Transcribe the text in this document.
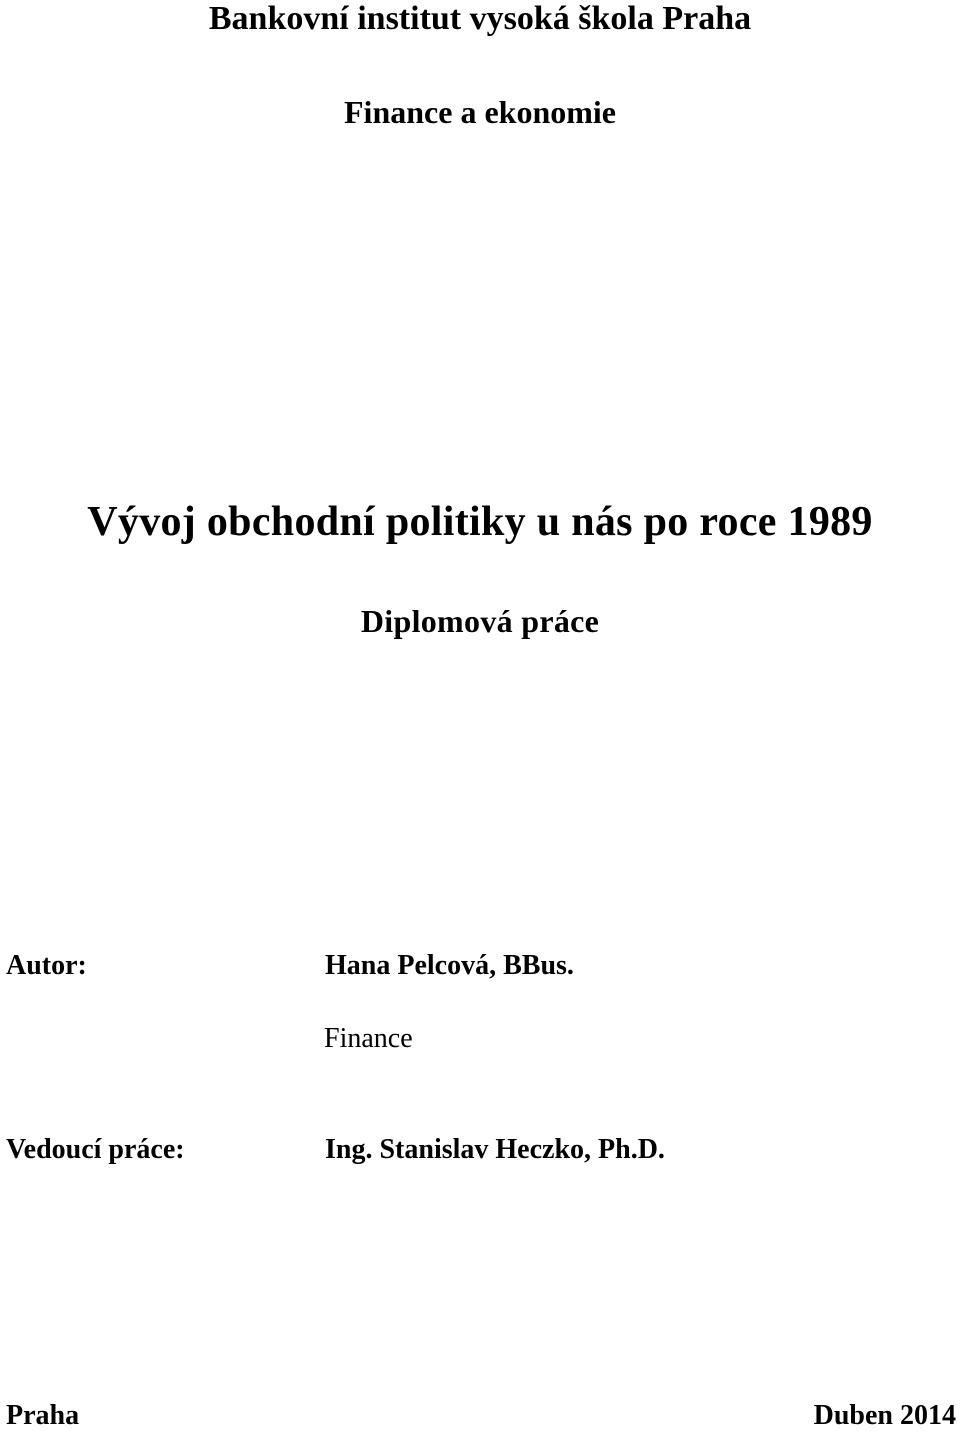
Bankovní institut vysoká škola Praha
Finance a ekonomie
Vývoj obchodní politiky u nás po roce 1989
Diplomová práce
Autor:	Hana Pelcová, BBus.
Finance
Vedoucí práce:	Ing. Stanislav Heczko, Ph.D.
Praha	Duben 2014
